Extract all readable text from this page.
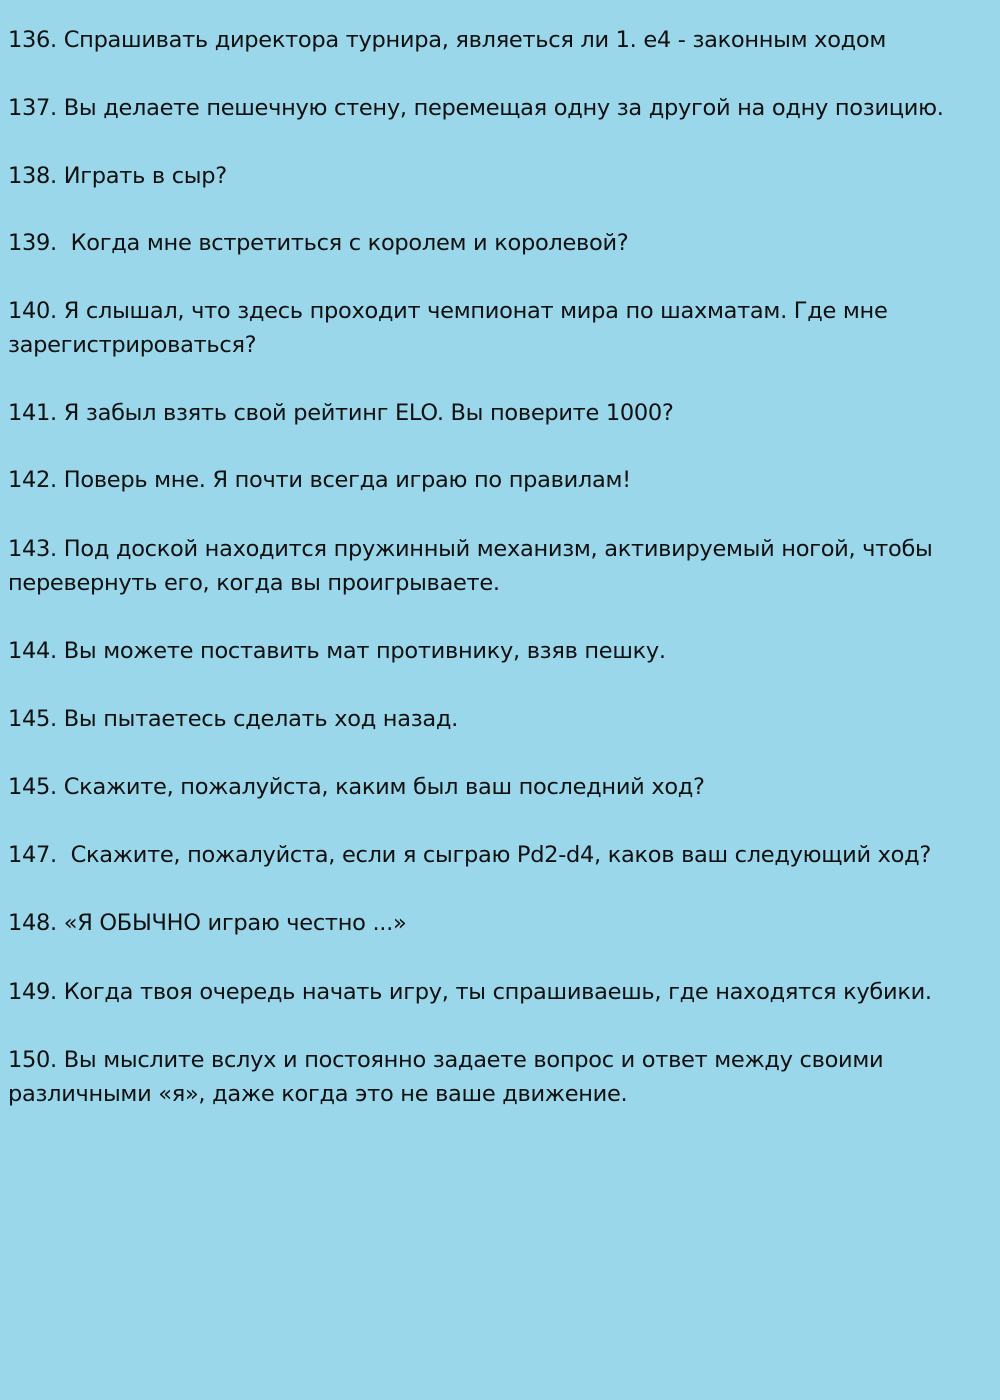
136. Спрашивать директора турнира, являеться ли 1. e4 - законным ходом
137. Вы делаете пешечную стену, перемещая одну за другой на одну позицию.
138. Играть в сыр?
139.  Когда мне встретиться с королем и королевой?
140. Я слышал, что здесь проходит чемпионат мира по шахматам. Где мне зарегистрироваться?
141. Я забыл взять свой рейтинг ELO. Вы поверите 1000?
142. Поверь мне. Я почти всегда играю по правилам!
143. Под доской находится пружинный механизм, активируемый ногой, чтобы перевернуть его, когда вы проигрываете.
144. Вы можете поставить мат противнику, взяв пешку.
145. Вы пытаетесь сделать ход назад.
145. Скажите, пожалуйста, каким был ваш последний ход?
147.  Скажите, пожалуйста, если я сыграю Pd2-d4, каков ваш следующий ход?
148. «Я ОБЫЧНО играю честно ...»
149. Когда твоя очередь начать игру, ты спрашиваешь, где находятся кубики.
150. Вы мыслите вслух и постоянно задаете вопрос и ответ между своими различными «я», даже когда это не ваше движение.
